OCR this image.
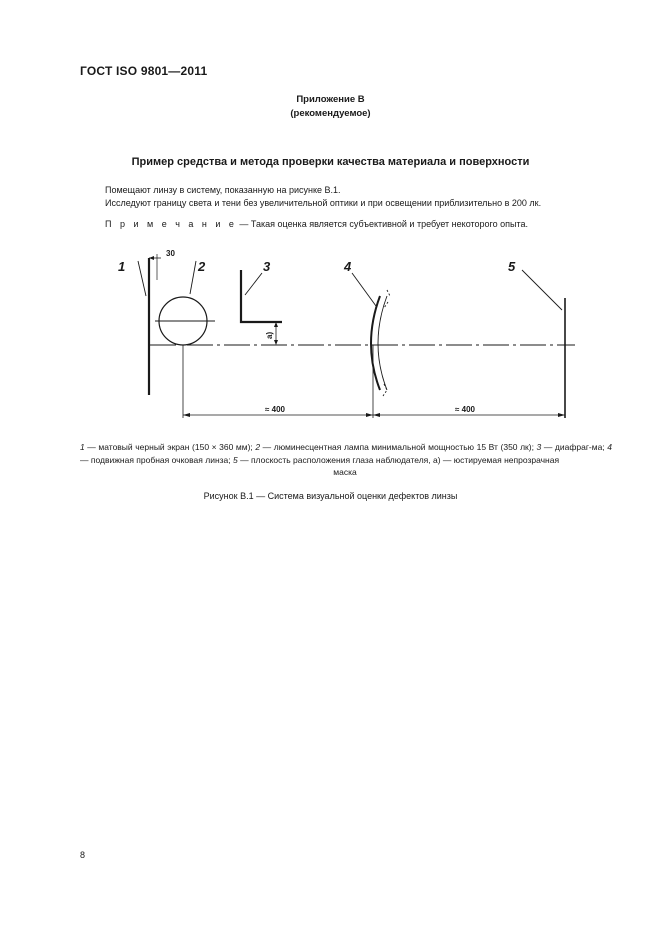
ГОСТ ISO 9801—2011
Приложение В
(рекомендуемое)
Пример средства и метода проверки качества материала и поверхности
Помещают линзу в систему, показанную на рисунке В.1.
Исследуют границу света и тени без увеличительной оптики и при освещении приблизительно в 200 лк.
П р и м е ч а н и е — Такая оценка является субъективной и требует некоторого опыта.
1	2	3	4	5
30
a)
≈ 400	≈ 400
1 — матовый черный экран (150 × 360 мм); 2 — люминесцентная лампа минимальной мощностью 15 Вт (350 лк); 3 — диафраг-ма; 4 — подвижная пробная очковая линза; 5 — плоскость расположения глаза наблюдателя, а) — юстируемая непрозрачная
маска
Рисунок В.1 — Система визуальной оценки дефектов линзы
8
